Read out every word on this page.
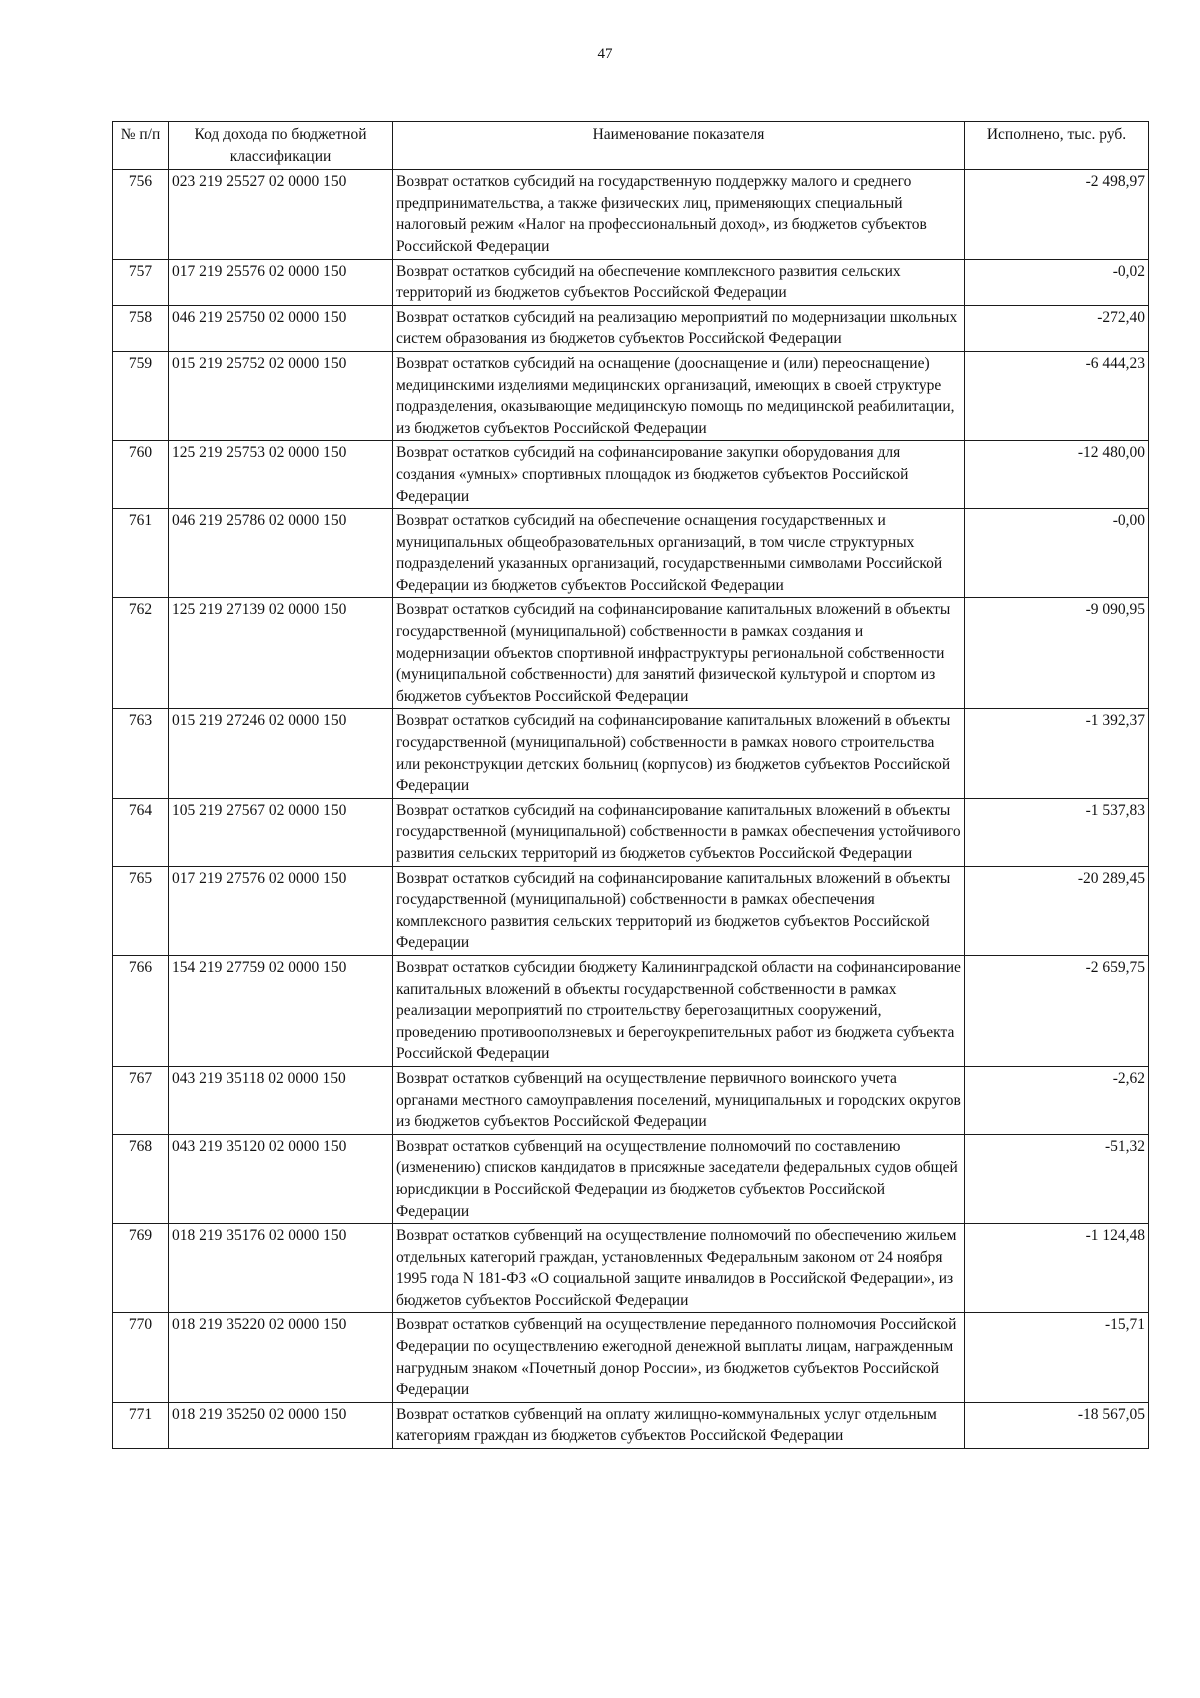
47
№ п/п	Код дохода по бюджетной классификации	Наименование показателя	Исполнено, тыс. руб.
756	023 219 25527 02 0000 150	Возврат остатков субсидий на государственную поддержку малого и среднего предпринимательства, а также физических лиц, применяющих специальный налоговый режим «Налог на профессиональный доход», из бюджетов субъектов Российской Федерации	-2 498,97
757	017 219 25576 02 0000 150	Возврат остатков субсидий на обеспечение комплексного развития сельских территорий из бюджетов субъектов Российской Федерации	-0,02
758	046 219 25750 02 0000 150	Возврат остатков субсидий на реализацию мероприятий по модернизации школьных систем образования из бюджетов субъектов Российской Федерации	-272,40
759	015 219 25752 02 0000 150	Возврат остатков субсидий на оснащение (дооснащение и (или) переоснащение) медицинскими изделиями медицинских организаций, имеющих в своей структуре подразделения, оказывающие медицинскую помощь по медицинской реабилитации, из бюджетов субъектов Российской Федерации	-6 444,23
760	125 219 25753 02 0000 150	Возврат остатков субсидий на софинансирование закупки оборудования для создания «умных» спортивных площадок из бюджетов субъектов Российской Федерации	-12 480,00
761	046 219 25786 02 0000 150	Возврат остатков субсидий на обеспечение оснащения государственных и муниципальных общеобразовательных организаций, в том числе структурных подразделений указанных организаций, государственными символами Российской Федерации из бюджетов субъектов Российской Федерации	-0,00
762	125 219 27139 02 0000 150	Возврат остатков субсидий на софинансирование капитальных вложений в объекты государственной (муниципальной) собственности в рамках создания и модернизации объектов спортивной инфраструктуры региональной собственности (муниципальной собственности) для занятий физической культурой и спортом из бюджетов субъектов Российской Федерации	-9 090,95
763	015 219 27246 02 0000 150	Возврат остатков субсидий на софинансирование капитальных вложений в объекты государственной (муниципальной) собственности в рамках нового строительства или реконструкции детских больниц (корпусов) из бюджетов субъектов Российской Федерации	-1 392,37
764	105 219 27567 02 0000 150	Возврат остатков субсидий на софинансирование капитальных вложений в объекты государственной (муниципальной) собственности в рамках обеспечения устойчивого развития сельских территорий из бюджетов субъектов Российской Федерации	-1 537,83
765	017 219 27576 02 0000 150	Возврат остатков субсидий на софинансирование капитальных вложений в объекты государственной (муниципальной) собственности в рамках обеспечения комплексного развития сельских территорий из бюджетов субъектов Российской Федерации	-20 289,45
766	154 219 27759 02 0000 150	Возврат остатков субсидии бюджету Калининградской области на софинансирование капитальных вложений в объекты государственной собственности в рамках реализации мероприятий по строительству берегозащитных сооружений, проведению противооползневых и берегоукрепительных работ из бюджета субъекта Российской Федерации	-2 659,75
767	043 219 35118 02 0000 150	Возврат остатков субвенций на осуществление первичного воинского учета органами местного самоуправления поселений, муниципальных и городских округов из бюджетов субъектов Российской Федерации	-2,62
768	043 219 35120 02 0000 150	Возврат остатков субвенций на осуществление полномочий по составлению (изменению) списков кандидатов в присяжные заседатели федеральных судов общей юрисдикции в Российской Федерации из бюджетов субъектов Российской Федерации	-51,32
769	018 219 35176 02 0000 150	Возврат остатков субвенций на осуществление полномочий по обеспечению жильем отдельных категорий граждан, установленных Федеральным законом от 24 ноября 1995 года N 181-ФЗ «О социальной защите инвалидов в Российской Федерации», из бюджетов субъектов Российской Федерации	-1 124,48
770	018 219 35220 02 0000 150	Возврат остатков субвенций на осуществление переданного полномочия Российской Федерации по осуществлению ежегодной денежной выплаты лицам, награжденным нагрудным знаком «Почетный донор России», из бюджетов субъектов Российской Федерации	-15,71
771	018 219 35250 02 0000 150	Возврат остатков субвенций на оплату жилищно-коммунальных услуг отдельным категориям граждан из бюджетов субъектов Российской Федерации	-18 567,05
